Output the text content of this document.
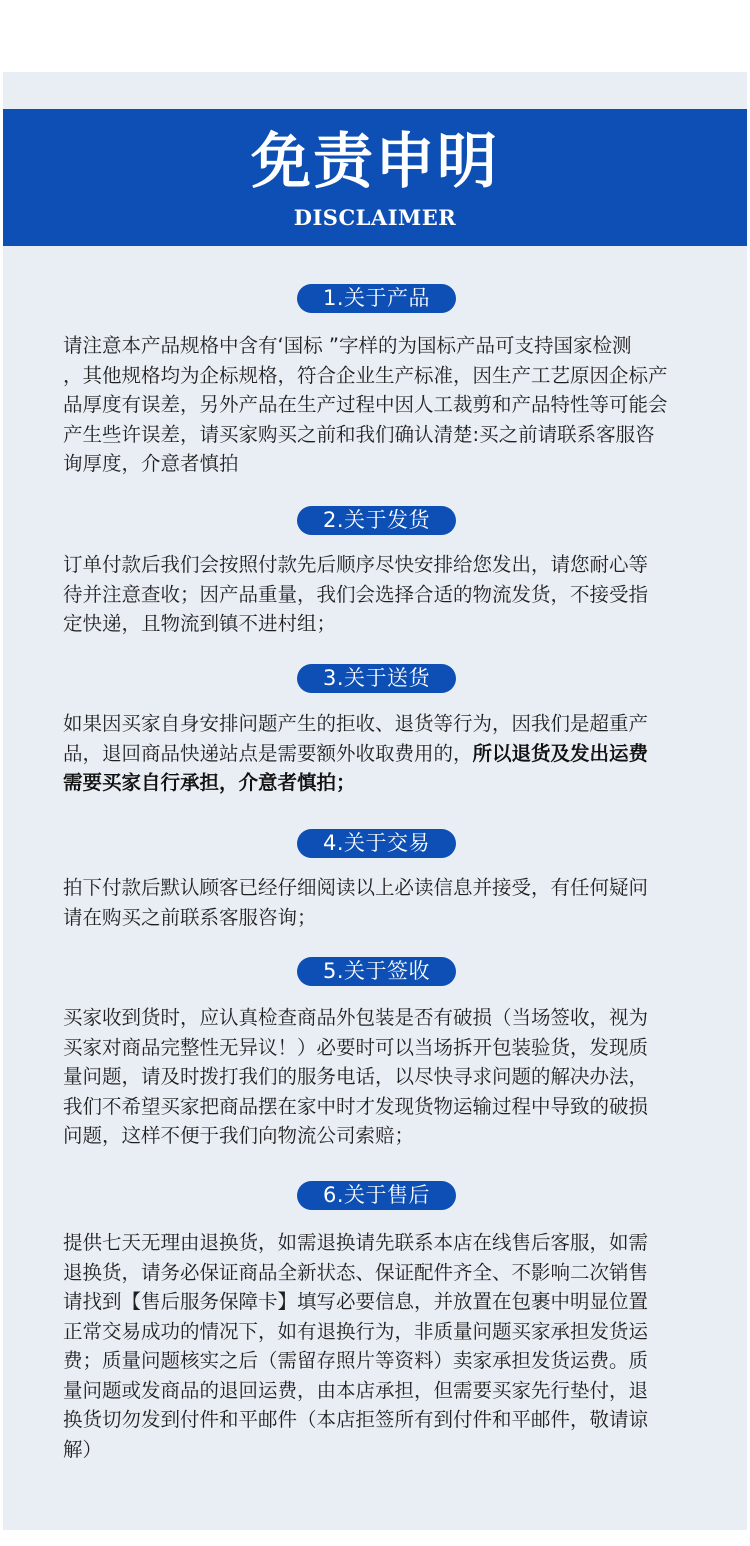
免责申明
DISCLAIMER
1.关于产品
请注意本产品规格中含有‘国标 ”字样的为国标产品可支持国家检测
，其他规格均为企标规格，符合企业生产标准，因生产工艺原因企标产
品厚度有误差，另外产品在生产过程中因人工裁剪和产品特性等可能会
产生些许误差，请买家购买之前和我们确认清楚:买之前请联系客服咨
询厚度，介意者慎拍
2.关于发货
订单付款后我们会按照付款先后顺序尽快安排给您发出，请您耐心等
待并注意查收；因产品重量，我们会选择合适的物流发货，不接受指
定快递，且物流到镇不进村组；
3.关于送货
如果因买家自身安排问题产生的拒收、退货等行为，因我们是超重产
品，退回商品快递站点是需要额外收取费用的，所以退货及发出运费
需要买家自行承担，介意者慎拍；
4.关于交易
拍下付款后默认顾客已经仔细阅读以上必读信息并接受，有任何疑问
请在购买之前联系客服咨询；
5.关于签收
买家收到货时，应认真检查商品外包装是否有破损（当场签收，视为
买家对商品完整性无异议！）必要时可以当场拆开包装验货，发现质
量问题，请及时拨打我们的服务电话，以尽快寻求问题的解决办法，
我们不希望买家把商品摆在家中时才发现货物运输过程中导致的破损
问题，这样不便于我们向物流公司索赔；
6.关于售后
提供七天无理由退换货，如需退换请先联系本店在线售后客服，如需
退换货，请务必保证商品全新状态、保证配件齐全、不影响二次销售
请找到【售后服务保障卡】填写必要信息，并放置在包裹中明显位置
正常交易成功的情况下，如有退换行为，非质量问题买家承担发货运
费；质量问题核实之后（需留存照片等资料）卖家承担发货运费。质
量问题或发商品的退回运费，由本店承担，但需要买家先行垫付，退
换货切勿发到付件和平邮件（本店拒签所有到付件和平邮件，敬请谅
解）
